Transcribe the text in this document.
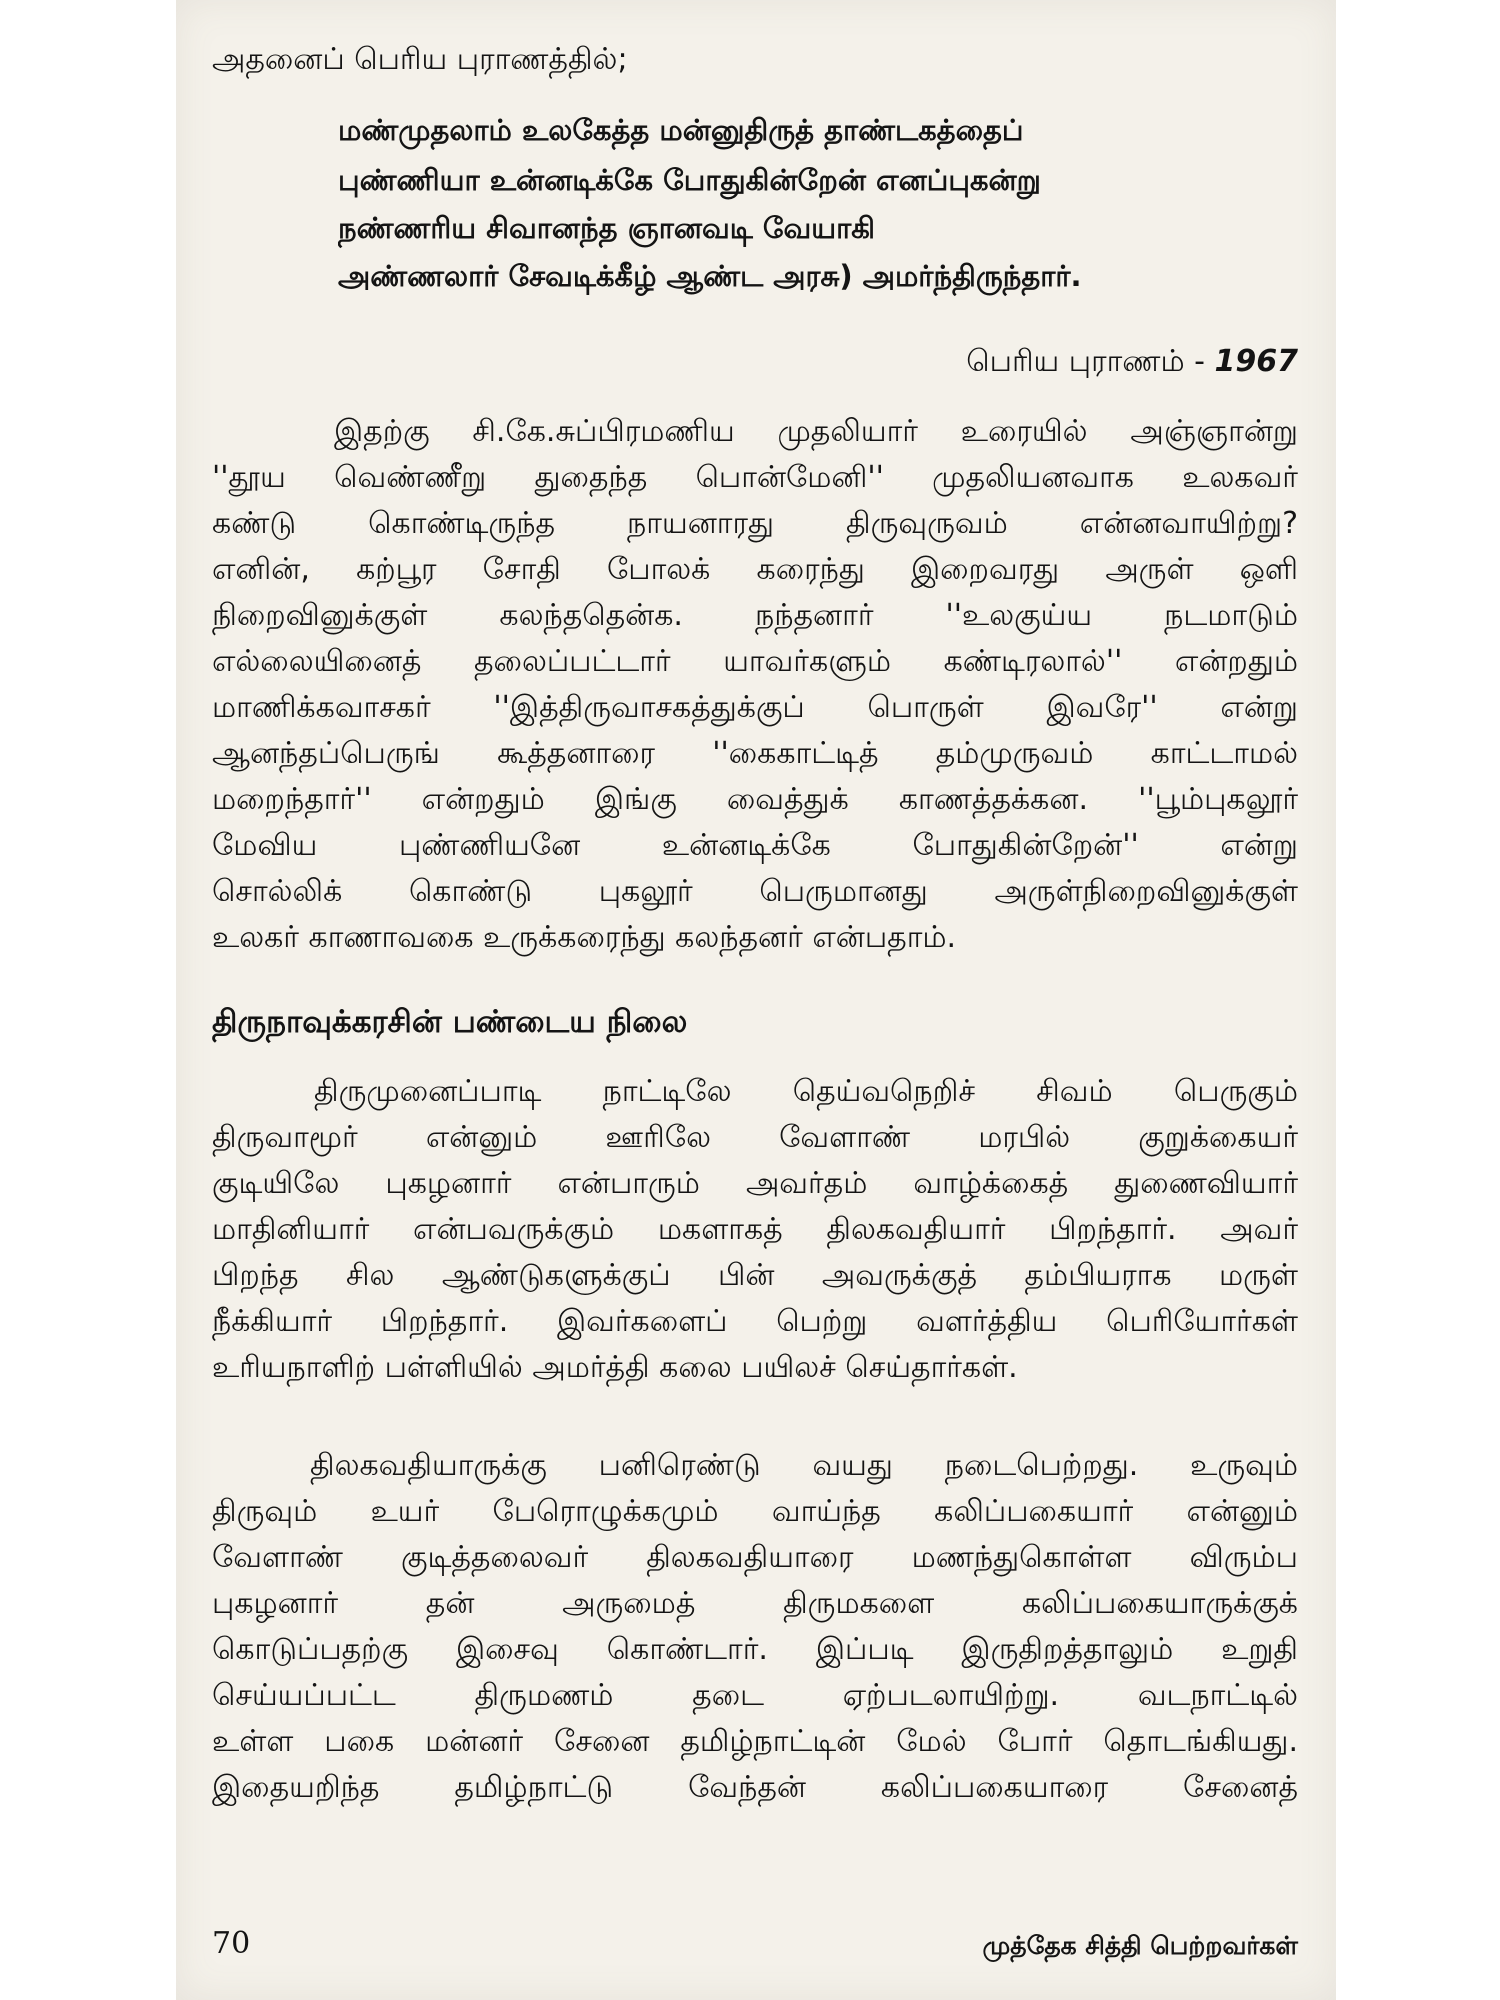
அதனைப் பெரிய புராணத்தில்;
மண்முதலாம் உலகேத்த மன்னுதிருத் தாண்டகத்தைப்
புண்ணியா உன்னடிக்கே போதுகின்றேன் எனப்புகன்று
நண்ணரிய சிவானந்த ஞானவடி வேயாகி
அண்ணலார் சேவடிக்கீழ் ஆண்ட அரசு) அமர்ந்திருந்தார்.
பெரிய புராணம் - 1967
இதற்கு சி.கே.சுப்பிரமணிய முதலியார் உரையில் அஞ்ஞான்று
''தூய வெண்ணீறு துதைந்த பொன்மேனி'' முதலியனவாக உலகவர்
கண்டு கொண்டிருந்த நாயனாரது திருவுருவம் என்னவாயிற்று?
எனின், கற்பூர சோதி போலக் கரைந்து இறைவரது அருள் ஒளி
நிறைவினுக்குள் கலந்ததென்க. நந்தனார் ''உலகுய்ய நடமாடும்
எல்லையினைத் தலைப்பட்டார் யாவர்களும் கண்டிரலால்'' என்றதும்
மாணிக்கவாசகர் ''இத்திருவாசகத்துக்குப் பொருள் இவரே'' என்று
ஆனந்தப்பெருங் கூத்தனாரை ''கைகாட்டித் தம்முருவம் காட்டாமல்
மறைந்தார்'' என்றதும் இங்கு வைத்துக் காணத்தக்கன. ''பூம்புகலூர்
மேவிய புண்ணியனே உன்னடிக்கே போதுகின்றேன்'' என்று
சொல்லிக் கொண்டு புகலூர் பெருமானது அருள்நிறைவினுக்குள்
உலகர் காணாவகை உருக்கரைந்து கலந்தனர் என்பதாம்.
திருநாவுக்கரசின் பண்டைய நிலை
திருமுனைப்பாடி நாட்டிலே தெய்வநெறிச் சிவம் பெருகும்
திருவாமூர் என்னும் ஊரிலே வேளாண் மரபில் குறுக்கையர்
குடியிலே புகழனார் என்பாரும் அவர்தம் வாழ்க்கைத் துணைவியார்
மாதினியார் என்பவருக்கும் மகளாகத் திலகவதியார் பிறந்தார். அவர்
பிறந்த சில ஆண்டுகளுக்குப் பின் அவருக்குத் தம்பியராக மருள்
நீக்கியார் பிறந்தார். இவர்களைப் பெற்று வளர்த்திய பெரியோர்கள்
உரியநாளிற் பள்ளியில் அமர்த்தி கலை பயிலச் செய்தார்கள்.
திலகவதியாருக்கு பனிரெண்டு வயது நடைபெற்றது. உருவும்
திருவும் உயர் பேரொழுக்கமும் வாய்ந்த கலிப்பகையார் என்னும்
வேளாண் குடித்தலைவர் திலகவதியாரை மணந்துகொள்ள விரும்ப
புகழனார் தன் அருமைத் திருமகளை கலிப்பகையாருக்குக்
கொடுப்பதற்கு இசைவு கொண்டார். இப்படி இருதிறத்தாலும் உறுதி
செய்யப்பட்ட திருமணம் தடை ஏற்படலாயிற்று. வடநாட்டில்
உள்ள பகை மன்னர் சேனை தமிழ்நாட்டின் மேல் போர் தொடங்கியது.
இதையறிந்த தமிழ்நாட்டு வேந்தன் கலிப்பகையாரை சேனைத்
70	முத்தேக சித்தி பெற்றவர்கள்
